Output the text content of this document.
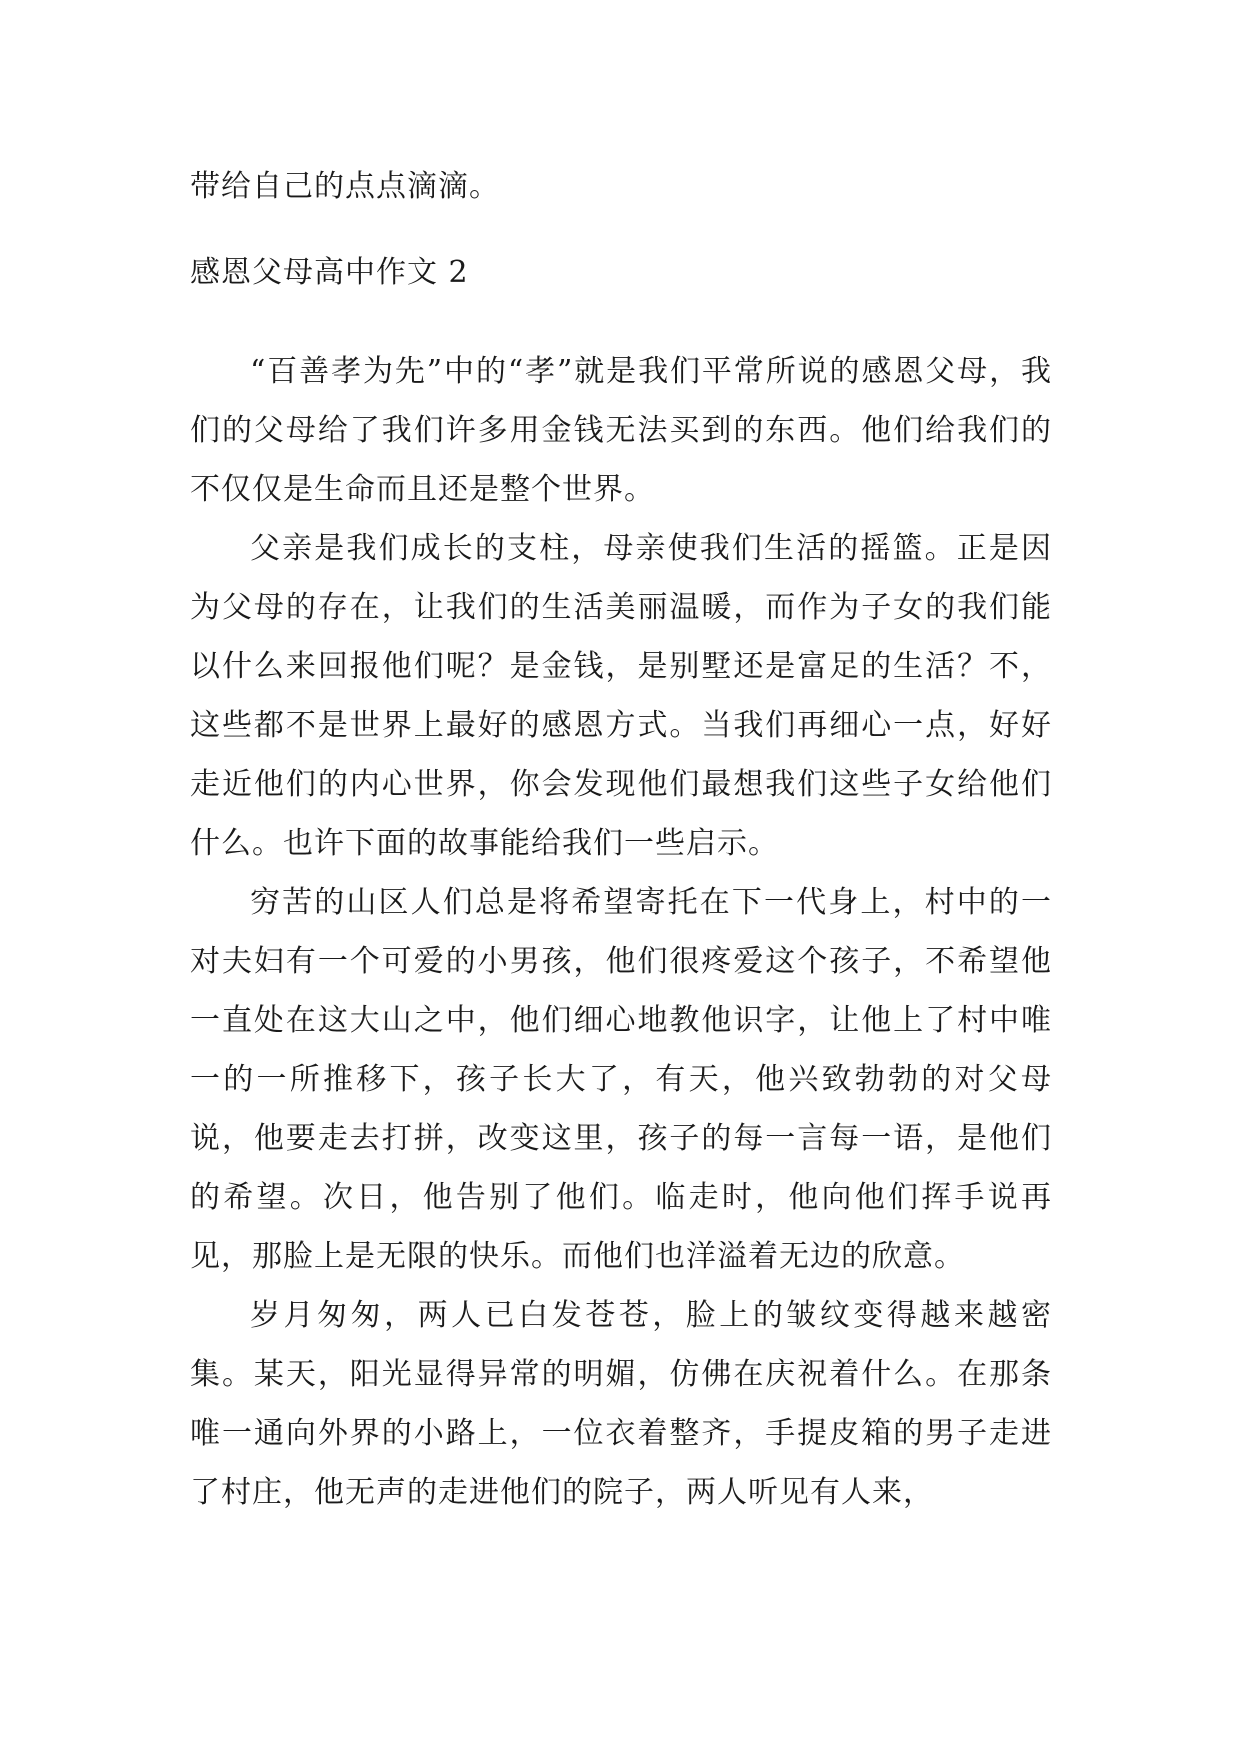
带给自己的点点滴滴。
感恩父母高中作文 2

“百善孝为先”中的“孝”就是我们平常所说的感恩父母，我们的父母给了我们许多用金钱无法买到的东西。他们给我们的不仅仅是生命而且还是整个世界。

父亲是我们成长的支柱，母亲使我们生活的摇篮。正是因为父母的存在，让我们的生活美丽温暖，而作为子女的我们能以什么来回报他们呢？是金钱，是别墅还是富足的生活？不，这些都不是世界上最好的感恩方式。当我们再细心一点，好好走近他们的内心世界，你会发现他们最想我们这些子女给他们什么。也许下面的故事能给我们一些启示。

穷苦的山区人们总是将希望寄托在下一代身上，村中的一对夫妇有一个可爱的小男孩，他们很疼爱这个孩子，不希望他一直处在这大山之中，他们细心地教他识字，让他上了村中唯一的一所推移下，孩子长大了，有天，他兴致勃勃的对父母说，他要走去打拼，改变这里，孩子的每一言每一语，是他们的希望。次日，他告别了他们。临走时，他向他们挥手说再见，那脸上是无限的快乐。而他们也洋溢着无边的欣意。

岁月匆匆，两人已白发苍苍，脸上的皱纹变得越来越密集。某天，阳光显得异常的明媚，仿佛在庆祝着什么。在那条唯一通向外界的小路上，一位衣着整齐，手提皮箱的男子走进了村庄，他无声的走进他们的院子，两人听见有人来，
